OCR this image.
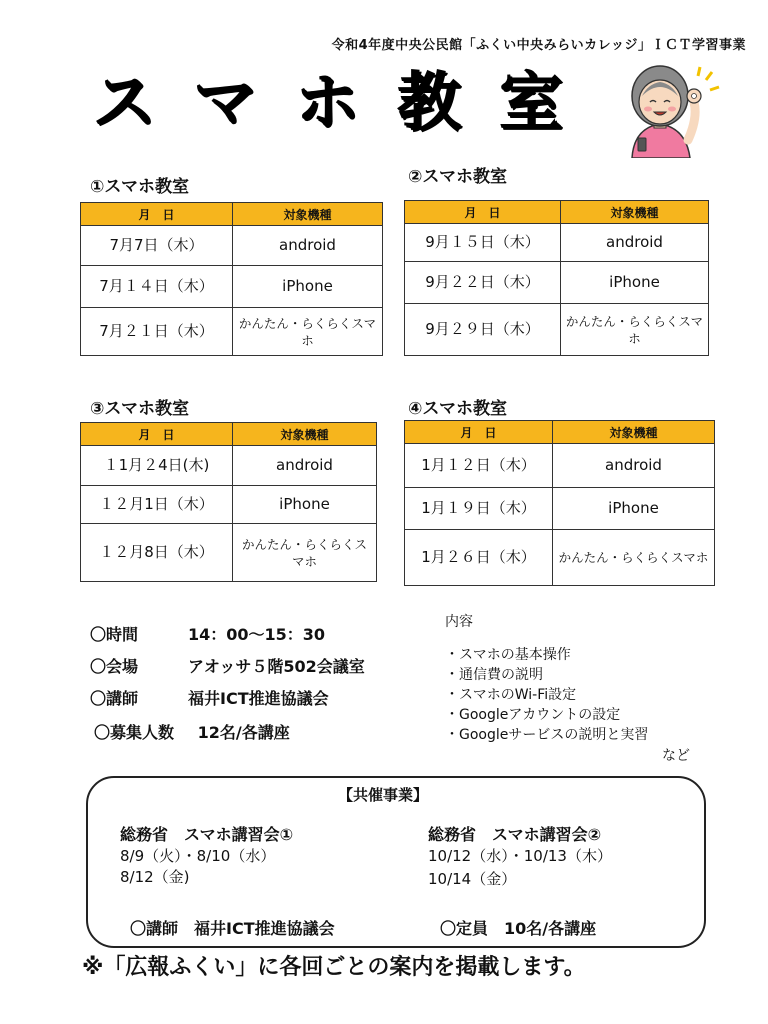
令和4年度中央公民館「ふくい中央みらいカレッジ」ＩＣＴ学習事業
スマホ教室
①スマホ教室
月　日	対象機種
7月7日（木）	android
7月１４日（木）	iPhone
7月２１日（木）	かんたん・らくらくスマホ
②スマホ教室
月　日	対象機種
9月１５日（木）	android
9月２２日（木）	iPhone
9月２９日（木）	かんたん・らくらくスマホ
③スマホ教室
月　日	対象機種
１1月２4日(木)	android
１２月1日（木）	iPhone
１２月8日（木）	かんたん・らくらくスマホ
④スマホ教室
月　日	対象機種
1月１２日（木）	android
1月１９日（木）	iPhone
1月２６日（木）	かんたん・らくらくスマホ
〇時間	14：00～15：30
〇会場	アオッサ５階502会議室
〇講師	福井ICT推進協議会
〇募集人数 12名/各講座
内容
・スマホの基本操作
・通信費の説明
・スマホのWi-Fi設定
・Googleアカウントの設定
・Googleサービスの説明と実習
など
【共催事業】
総務省　スマホ講習会①
8/9（火）・8/10（水）
8/12（金)
総務省　スマホ講習会②
10/12（水）・10/13（木）
10/14（金）
〇講師　福井ICT推進協議会	〇定員　10名/各講座
※「広報ふくい」に各回ごとの案内を掲載します。
